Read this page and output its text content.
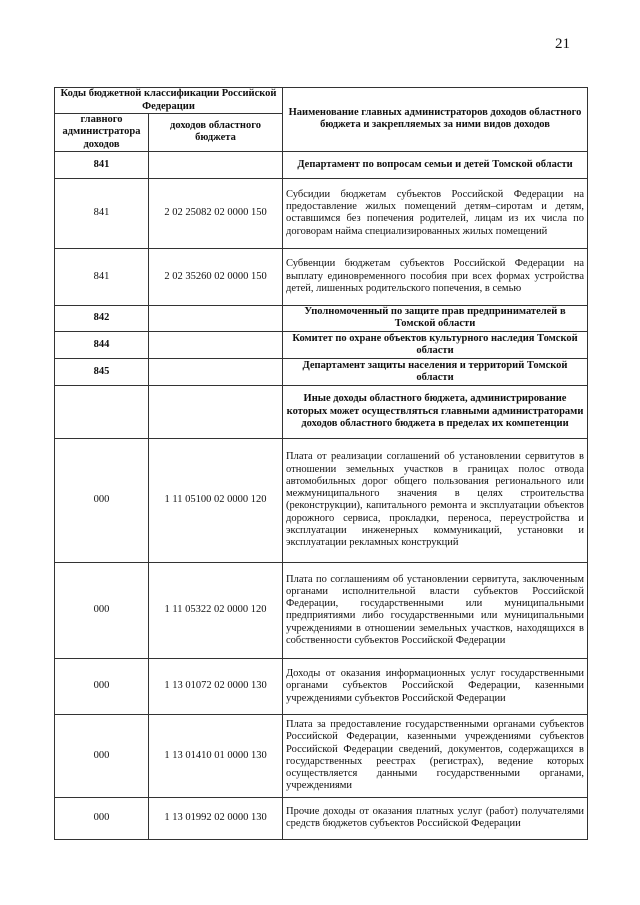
21
Коды бюджетной классификации Российской Федерации		Наименование главных администраторов доходов областного бюджета и закрепляемых за ними видов доходов
главного администратора доходов	доходов областного бюджета	
841		Департамент по вопросам семьи и детей Томской области
841	2 02 25082 02 0000 150	Субсидии бюджетам субъектов Российской Федерации на предоставление жилых помещений детям–сиротам и детям, оставшимся без попечения родителей, лицам из их числа по договорам найма специализированных жилых помещений
841	2 02 35260 02 0000 150	Субвенции бюджетам субъектов Российской Федерации на выплату единовременного пособия при всех формах устройства детей, лишенных родительского попечения, в семью
842		Уполномоченный по защите прав предпринимателей в Томской области
844		Комитет по охране объектов культурного наследия Томской области
845		Департамент защиты населения и территорий Томской области
		Иные доходы областного бюджета, администрирование которых может осуществляться главными администраторами доходов областного бюджета в пределах их компетенции
000	1 11 05100 02 0000 120	Плата от реализации соглашений об установлении сервитутов в отношении земельных участков в границах полос отвода автомобильных дорог общего пользования регионального или межмуниципального значения в целях строительства (реконструкции), капитального ремонта и эксплуатации объектов дорожного сервиса, прокладки, переноса, переустройства и эксплуатации инженерных коммуникаций, установки и эксплуатации рекламных конструкций
000	1 11 05322 02 0000 120	Плата по соглашениям об установлении сервитута, заключенным органами исполнительной власти субъектов Российской Федерации, государственными или муниципальными предприятиями либо государственными или муниципальными учреждениями в отношении земельных участков, находящихся в собственности субъектов Российской Федерации
000	1 13 01072 02 0000 130	Доходы от оказания информационных услуг государственными органами субъектов Российской Федерации, казенными учреждениями субъектов Российской Федерации
000	1 13 01410 01 0000 130	Плата за предоставление государственными органами субъектов Российской Федерации, казенными учреждениями субъектов Российской Федерации сведений, документов, содержащихся в государственных реестрах (регистрах), ведение которых осуществляется данными государственными органами, учреждениями
000	1 13 01992 02 0000 130	Прочие доходы от оказания платных услуг (работ) получателями средств бюджетов субъектов Российской Федерации
